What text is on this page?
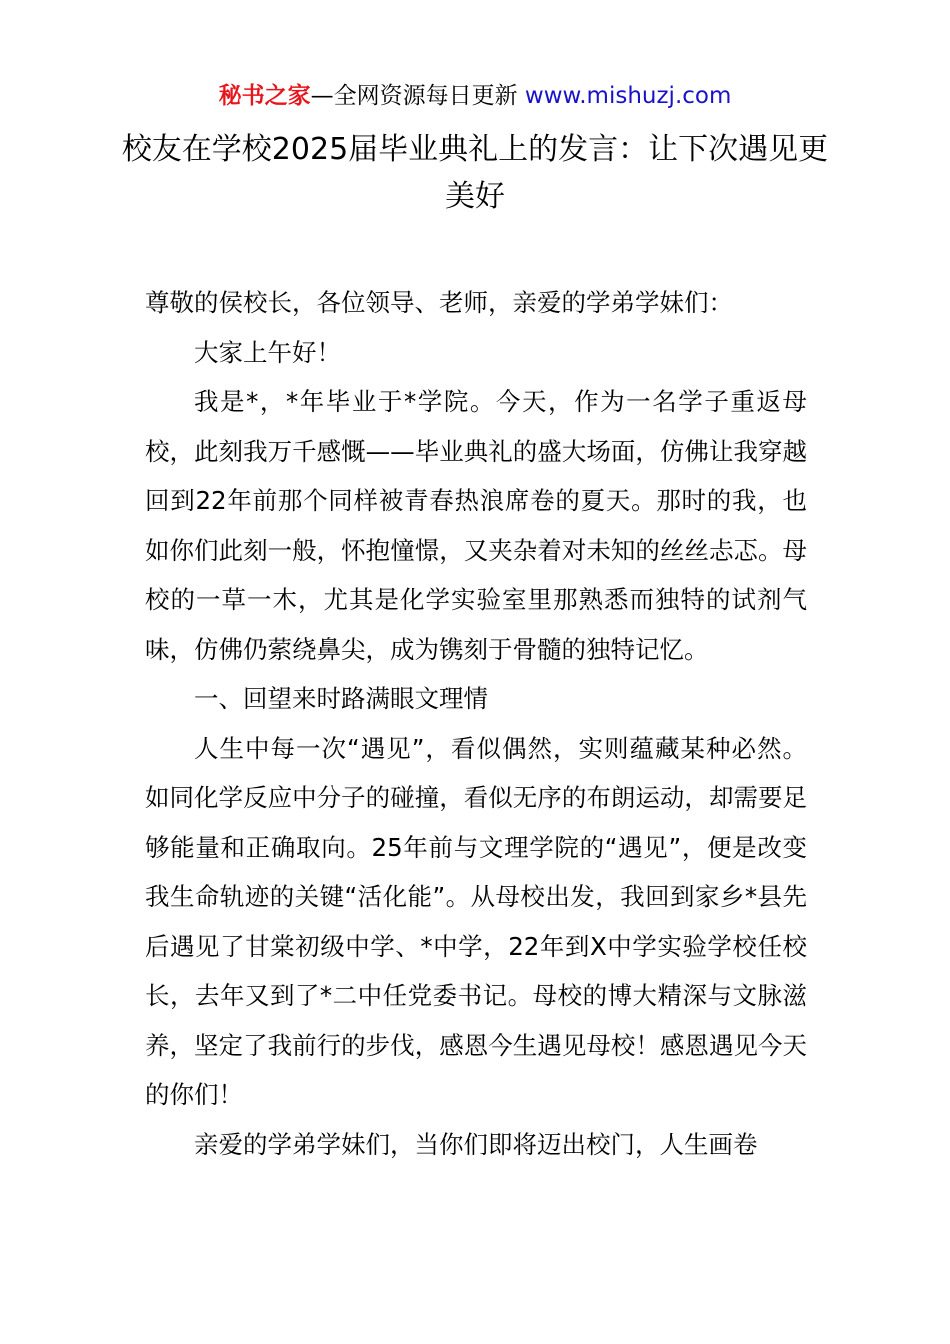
秘书之家—全网资源每日更新 www.mishuzj.com
校友在学校2025届毕业典礼上的发言：让下次遇见更美好

尊敬的侯校长，各位领导、老师，亲爱的学弟学妹们：

大家上午好！

我是*，*年毕业于*学院。今天，作为一名学子重返母校，此刻我万千感慨——毕业典礼的盛大场面，仿佛让我穿越回到22年前那个同样被青春热浪席卷的夏天。那时的我，也如你们此刻一般，怀抱憧憬，又夹杂着对未知的丝丝忐忑。母校的一草一木，尤其是化学实验室里那熟悉而独特的试剂气味，仿佛仍萦绕鼻尖，成为镌刻于骨髓的独特记忆。

一、回望来时路满眼文理情

人生中每一次“遇见”，看似偶然，实则蕴藏某种必然。如同化学反应中分子的碰撞，看似无序的布朗运动，却需要足够能量和正确取向。25年前与文理学院的“遇见”，便是改变我生命轨迹的关键“活化能”。从母校出发，我回到家乡*县先后遇见了甘棠初级中学、*中学，22年到X中学实验学校任校长，去年又到了*二中任党委书记。母校的博大精深与文脉滋养，坚定了我前行的步伐，感恩今生遇见母校！感恩遇见今天的你们！

亲爱的学弟学妹们，当你们即将迈出校门，人生画卷
